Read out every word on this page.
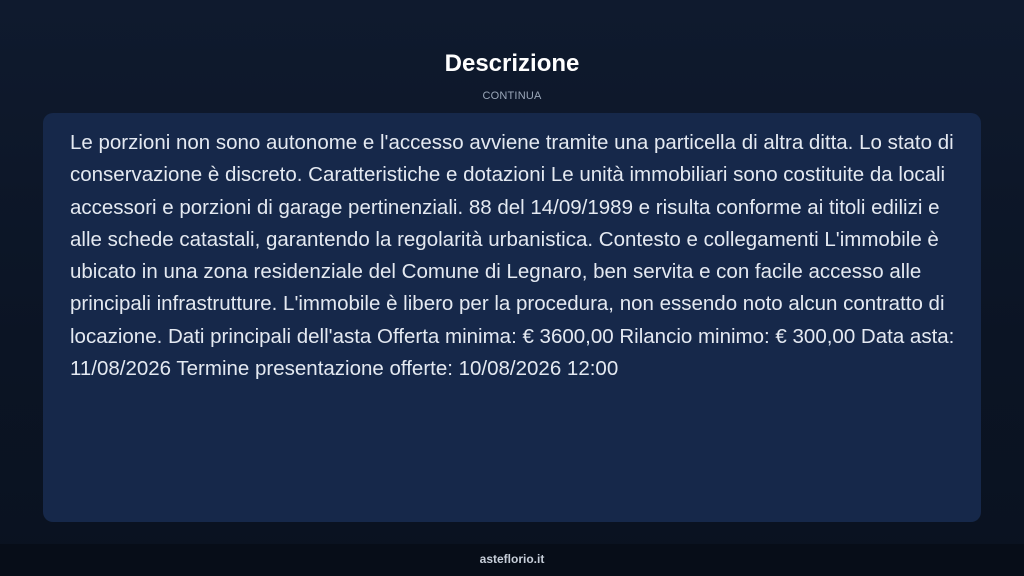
Descrizione
CONTINUA

Le porzioni non sono autonome e l'accesso avviene tramite una particella di altra ditta. Lo stato di conservazione è discreto. Caratteristiche e dotazioni Le unità immobiliari sono costituite da locali accessori e porzioni di garage pertinenziali. 88 del 14/09/1989 e risulta conforme ai titoli edilizi e alle schede catastali, garantendo la regolarità urbanistica. Contesto e collegamenti L'immobile è ubicato in una zona residenziale del Comune di Legnaro, ben servita e con facile accesso alle principali infrastrutture. L'immobile è libero per la procedura, non essendo noto alcun contratto di locazione. Dati principali dell'asta Offerta minima: € 3600,00 Rilancio minimo: € 300,00 Data asta: 11/08/2026 Termine presentazione offerte: 10/08/2026 12:00

asteflorio.it
